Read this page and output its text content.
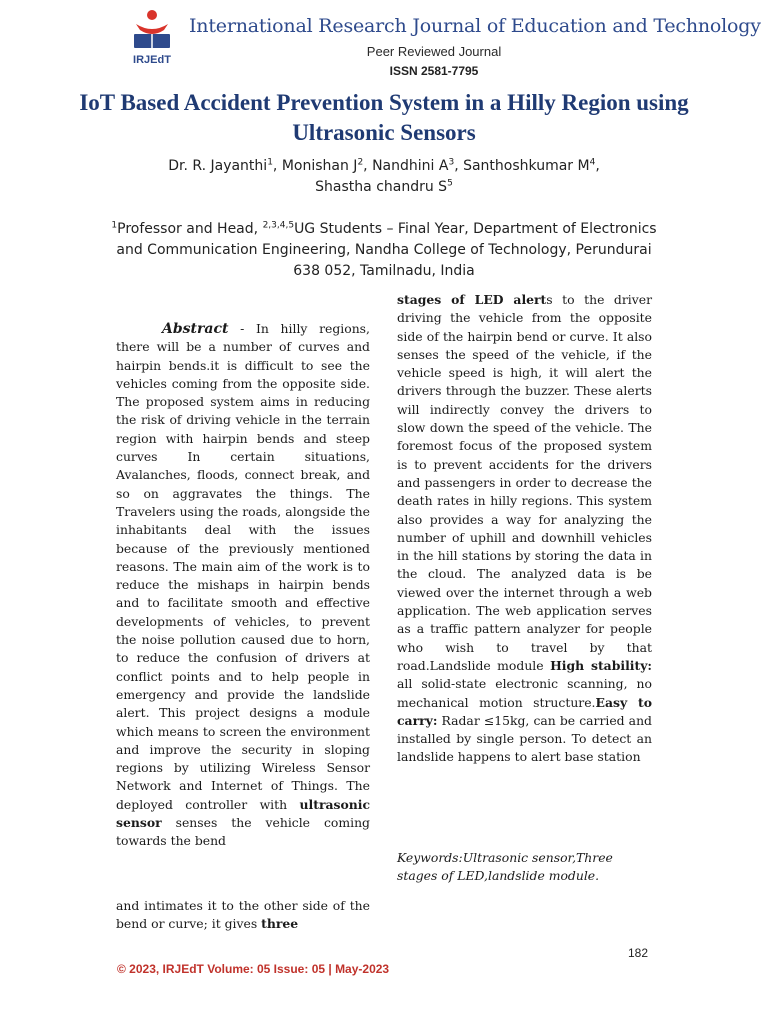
IRJEdT
International Research Journal of Education and Technology
Peer Reviewed Journal
ISSN 2581-7795
IoT Based Accident Prevention System in a Hilly Region using Ultrasonic Sensors
Dr. R. Jayanthi$^1$, Monishan $J^2$, Nandhini $A^3$, Santhoshkumar $M^4$,
Shastha chandru $S^5$
$^1$Professor and Head, $^{2,3,4,5}$UG Students – Final Year, Department of Electronics and Communication Engineering, Nandha College of Technology, Perundurai 638 052, Tamilnadu, India

Abstract - In hilly regions, there will be a number of curves and hairpin bends.it is difficult to see the vehicles coming from the opposite side. The proposed system aims in reducing the risk of driving vehicle in the terrain region with hairpin bends and steep curves In certain situations, Avalanches, floods, connect break, and so on aggravates the things. The Travelers using the roads, alongside the inhabitants deal with the issues because of the previously mentioned reasons. The main aim of the work is to reduce the mishaps in hairpin bends and to facilitate smooth and effective developments of vehicles, to prevent the noise pollution caused due to horn, to reduce the confusion of drivers at conflict points and to help people in emergency and provide the landslide alert. This project designs a module which means to screen the environment and improve the security in sloping regions by utilizing Wireless Sensor Network and Internet of Things. The deployed controller with ultrasonic sensor senses the vehicle coming towards the bend

and intimates it to the other side of the bend or curve; it gives three

stages of LED alerts to the driver driving the vehicle from the opposite side of the hairpin bend or curve. It also senses the speed of the vehicle, if the vehicle speed is high, it will alert the drivers through the buzzer. These alerts will indirectly convey the drivers to slow down the speed of the vehicle. The foremost focus of the proposed system is to prevent accidents for the drivers and passengers in order to decrease the death rates in hilly regions. This system also provides a way for analyzing the number of uphill and downhill vehicles in the hill stations by storing the data in the cloud. The analyzed data is be viewed over the internet through a web application. The web application serves as a traffic pattern analyzer for people who wish to travel by that road.Landslide module High stability: all solid-state electronic scanning, no mechanical motion structure.Easy to carry: Radar ≤15kg, can be carried and installed by single person. To detect an landslide happens to alert base station

Keywords:Ultrasonic sensor,Three stages of LED,landslide module.
182
© 2023, IRJEdT Volume: 05 Issue: 05 | May-2023
